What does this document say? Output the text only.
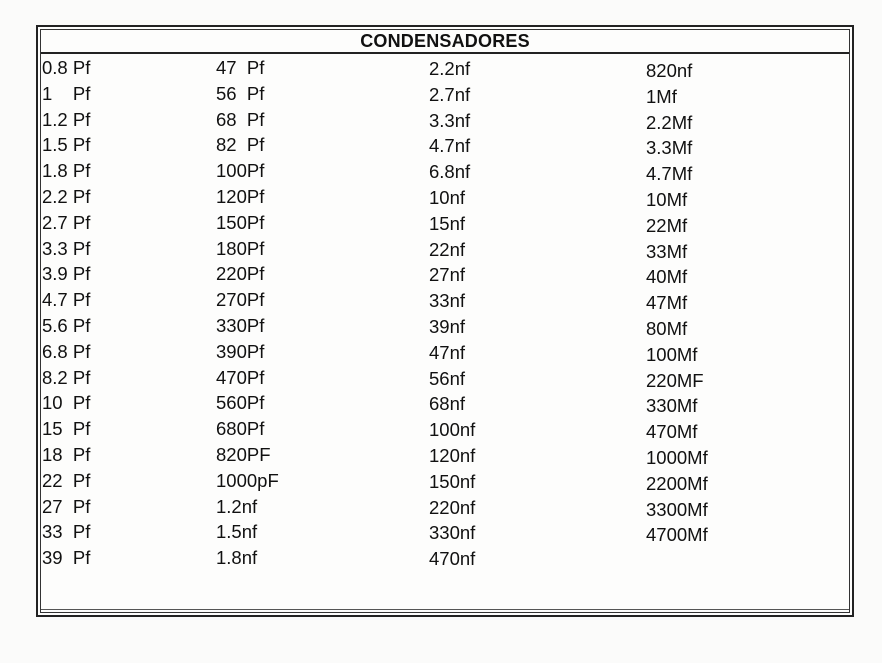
CONDENSADORES
0.8 Pf
1    Pf
1.2 Pf
1.5 Pf
1.8 Pf
2.2 Pf
2.7 Pf
3.3 Pf
3.9 Pf
4.7 Pf
5.6 Pf
6.8 Pf
8.2 Pf
10  Pf
15  Pf
18  Pf
22  Pf
27  Pf
33  Pf
39  Pf
47  Pf
56  Pf
68  Pf
82  Pf
100Pf
120Pf
150Pf
180Pf
220Pf
270Pf
330Pf
390Pf
470Pf
560Pf
680Pf
820PF
1000pF
1.2nf
1.5nf
1.8nf
2.2nf
2.7nf
3.3nf
4.7nf
6.8nf
10nf
15nf
22nf
27nf
33nf
39nf
47nf
56nf
68nf
100nf
120nf
150nf
220nf
330nf
470nf
820nf
1Mf
2.2Mf
3.3Mf
4.7Mf
10Mf
22Mf
33Mf
40Mf
47Mf
80Mf
100Mf
220MF
330Mf
470Mf
1000Mf
2200Mf
3300Mf
4700Mf
